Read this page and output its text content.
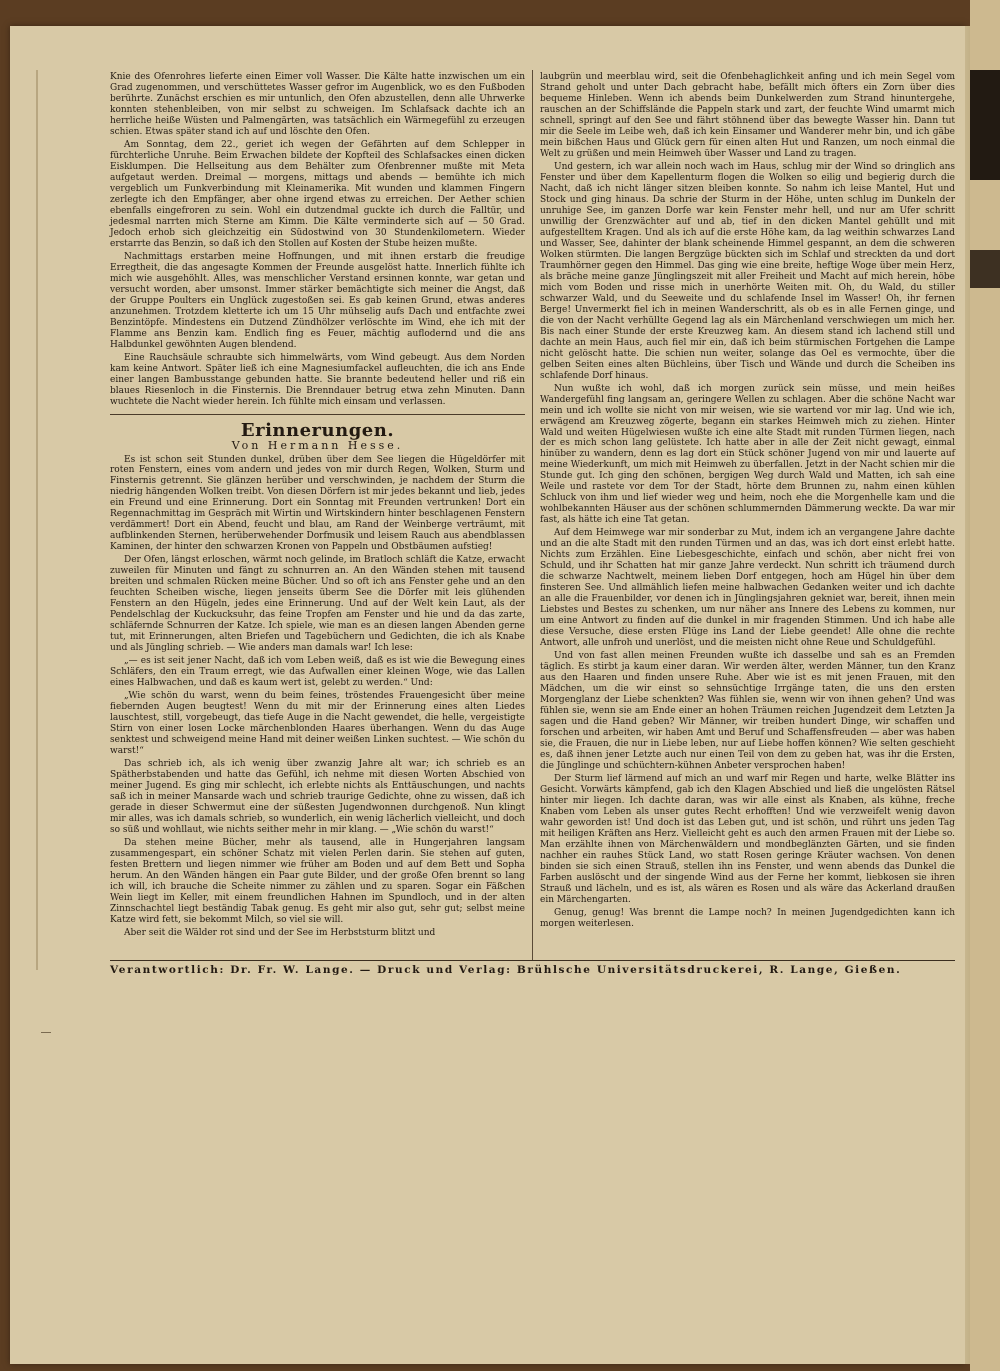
Knie des Ofenrohres lieferte einen Eimer voll Wasser. Die Kälte hatte inzwischen um ein Grad zugenommen, und verschüttetes Wasser gefror im Augenblick, wo es den Fußboden berührte. Zunächst erschien es mir untunlich, den Ofen abzustellen, denn alle Uhrwerke konnten stehenbleiben, von mir selbst zu schweigen. Im Schlafsack dachte ich an herrliche heiße Wüsten und Palmengärten, was tatsächlich ein Wärmegefühl zu erzeugen schien. Etwas später stand ich auf und löschte den Ofen.

Am Sonntag, dem 22., geriet ich wegen der Gefährten auf dem Schlepper in fürchterliche Unruhe. Beim Erwachen bildete der Kopfteil des Schlafsackes einen dicken Eisklumpen. Die Hellseitung aus dem Behälter zum Ofenbrenner mußte mit Meta aufgetaut werden. Dreimal — morgens, mittags und abends — bemühte ich mich vergeblich um Funkverbindung mit Kleinamerika. Mit wunden und klammen Fingern zerlegte ich den Empfänger, aber ohne irgend etwas zu erreichen. Der Aether schien ebenfalls eingefroren zu sein. Wohl ein dutzendmal guckte ich durch die Falltür, und jedesmal narrten mich Sterne am Kimm. Die Kälte verminderte sich auf — 50 Grad. Jedoch erhob sich gleichzeitig ein Südostwind von 30 Stundenkilometern. Wieder erstarrte das Benzin, so daß ich den Stollen auf Kosten der Stube heizen mußte.

Nachmittags erstarben meine Hoffnungen, und mit ihnen erstarb die freudige Erregtheit, die das angesagte Kommen der Freunde ausgelöst hatte. Innerlich fühlte ich mich wie ausgehöhlt. Alles, was menschlicher Verstand ersinnen konnte, war getan und versucht worden, aber umsonst. Immer stärker bemächtigte sich meiner die Angst, daß der Gruppe Poulters ein Unglück zugestoßen sei. Es gab keinen Grund, etwas anderes anzunehmen. Trotzdem kletterte ich um 15 Uhr mühselig aufs Dach und entfachte zwei Benzintöpfe. Mindestens ein Dutzend Zündhölzer verlöschte im Wind, ehe ich mit der Flamme ans Benzin kam. Endlich fing es Feuer, mächtig auflodernd und die ans Halbdunkel gewöhnten Augen blendend.

Eine Rauchsäule schraubte sich himmelwärts, vom Wind gebeugt. Aus dem Norden kam keine Antwort. Später ließ ich eine Magnesiumfackel aufleuchten, die ich ans Ende einer langen Bambusstange gebunden hatte. Sie brannte bedeutend heller und riß ein blaues Riesenloch in die Finsternis. Die Brenndauer betrug etwa zehn Minuten. Dann wuchtete die Nacht wieder herein. Ich fühlte mich einsam und verlassen.

Erinnerungen.
Von Hermann Hesse.

Es ist schon seit Stunden dunkel, drüben über dem See liegen die Hügeldörfer mit roten Fenstern, eines vom andern und jedes von mir durch Regen, Wolken, Sturm und Finsternis getrennt. Sie glänzen herüber und verschwinden, je nachdem der Sturm die niedrig hängenden Wolken treibt. Von diesen Dörfern ist mir jedes bekannt und lieb, jedes ein Freund und eine Erinnerung. Dort ein Sonntag mit Freunden vertrunken! Dort ein Regennachmittag im Gespräch mit Wirtin und Wirtskindern hinter beschlagenen Fenstern verdämmert! Dort ein Abend, feucht und blau, am Rand der Weinberge verträumt, mit aufblinkenden Sternen, herüberwehender Dorfmusik und leisem Rauch aus abendblassen Kaminen, der hinter den schwarzen Kronen von Pappeln und Obstbäumen aufstieg!

Der Ofen, längst erloschen, wärmt noch gelinde, im Bratloch schläft die Katze, erwacht zuweilen für Minuten und fängt zu schnurren an. An den Wänden stehen mit tausend breiten und schmalen Rücken meine Bücher. Und so oft ich ans Fenster gehe und an den feuchten Scheiben wische, liegen jenseits überm See die Dörfer mit leis glühenden Fenstern an den Hügeln, jedes eine Erinnerung. Und auf der Welt kein Laut, als der Pendelschlag der Kuckucksuhr, das feine Tropfen am Fenster und hie und da das zarte, schläfernde Schnurren der Katze. Ich spiele, wie man es an diesen langen Abenden gerne tut, mit Erinnerungen, alten Briefen und Tagebüchern und Gedichten, die ich als Knabe und als Jüngling schrieb. — Wie anders man damals war! Ich lese:

„— es ist seit jener Nacht, daß ich vom Leben weiß, daß es ist wie die Bewegung eines Schläfers, den ein Traum erregt, wie das Aufwallen einer kleinen Woge, wie das Lallen eines Halbwachen, und daß es kaum wert ist, gelebt zu werden.“ Und:

„Wie schön du warst, wenn du beim feines, tröstendes Frauengesicht über meine fiebernden Augen beugtest! Wenn du mit mir der Erinnerung eines alten Liedes lauschtest, still, vorgebeugt, das tiefe Auge in die Nacht gewendet, die helle, vergeistigte Stirn von einer losen Locke märchenblonden Haares überhangen. Wenn du das Auge senktest und schweigend meine Hand mit deiner weißen Linken suchtest. — Wie schön du warst!“

Das schrieb ich, als ich wenig über zwanzig Jahre alt war; ich schrieb es an Spätherbstabenden und hatte das Gefühl, ich nehme mit diesen Worten Abschied von meiner Jugend. Es ging mir schlecht, ich erlebte nichts als Enttäuschungen, und nachts saß ich in meiner Mansarde wach und schrieb traurige Gedichte, ohne zu wissen, daß ich gerade in dieser Schwermut eine der süßesten Jugendwonnen durchgenoß. Nun klingt mir alles, was ich damals schrieb, so wunderlich, ein wenig lächerlich vielleicht, und doch so süß und wohllaut, wie nichts seither mehr in mir klang. — „Wie schön du warst!“

Da stehen meine Bücher, mehr als tausend, alle in Hungerjahren langsam zusammengespart, ein schöner Schatz mit vielen Perlen darin. Sie stehen auf guten, festen Brettern und liegen nimmer wie früher am Boden und auf dem Bett und Sopha herum. An den Wänden hängen ein Paar gute Bilder, und der große Ofen brennt so lang ich will, ich brauche die Scheite nimmer zu zählen und zu sparen. Sogar ein Fäßchen Wein liegt im Keller, mit einem freundlichen Hahnen im Spundloch, und in der alten Zinnschachtel liegt beständig Tabak genug. Es geht mir also gut, sehr gut; selbst meine Katze wird fett, sie bekommt Milch, so viel sie will.

Aber seit die Wälder rot sind und der See im Herbststurm blitzt und

laubgrün und meerblau wird, seit die Ofenbehaglichkeit anfing und ich mein Segel vom Strand geholt und unter Dach gebracht habe, befällt mich öfters ein Zorn über dies bequeme Hinleben. Wenn ich abends beim Dunkelwerden zum Strand hinuntergehe, rauschen an der Schiffsländе die Pappeln stark und zart, der feuchte Wind umarmt mich schnell, springt auf den See und fährt stöhnend über das bewegte Wasser hin. Dann tut mir die Seele im Leibe weh, daß ich kein Einsamer und Wanderer mehr bin, und ich gäbe mein bißchen Haus und Glück gern für einen alten Hut und Ranzen, um noch einmal die Welt zu grüßen und mein Heimweh über Wasser und Land zu tragen.

Und gestern, ich war allein noch wach im Haus, schlug mir der Wind so dringlich ans Fenster und über dem Kapellenturm flogen die Wolken so eilig und begierig durch die Nacht, daß ich nicht länger sitzen bleiben konnte. So nahm ich leise Mantel, Hut und Stock und ging hinaus. Da schrie der Sturm in der Höhe, unten schlug im Dunkeln der unruhige See, im ganzen Dorfe war kein Fenster mehr hell, und nur am Ufer schritt unwillig der Grenzwächter auf und ab, tief in den dicken Mantel gehüllt und mit aufgestelltem Kragen. Und als ich auf die erste Höhe kam, da lag weithin schwarzes Land und Wasser, See, dahinter der blank scheinende Himmel gespannt, an dem die schweren Wolken stürmten. Die langen Bergzüge bückten sich im Schlaf und streckten da und dort Traumhörner gegen den Himmel. Das ging wie eine breite, heftige Woge über mein Herz, als bräche meine ganze Jünglingszeit mit aller Freiheit und Macht auf mich herein, höbe mich vom Boden und risse mich in unerhörte Weiten mit. Oh, du Wald, du stiller schwarzer Wald, und du Seeweite und du schlafende Insel im Wasser! Oh, ihr fernen Berge! Unvermerkt fiel ich in meinen Wanderschritt, als ob es in alle Fernen ginge, und die von der Nacht verhüllte Gegend lag als ein Märchenland verschwiegen um mich her. Bis nach einer Stunde der erste Kreuzweg kam. An diesem stand ich lachend still und dachte an mein Haus, auch fiel mir ein, daß ich beim stürmischen Fortgehen die Lampe nicht gelöscht hatte. Die schien nun weiter, solange das Oel es vermochte, über die gelben Seiten eines alten Büchleins, über Tisch und Wände und durch die Scheiben ins schlafende Dorf hinaus.

Nun wußte ich wohl, daß ich morgen zurück sein müsse, und mein heißes Wandergefühl fing langsam an, geringere Wellen zu schlagen. Aber die schöne Nacht war mein und ich wollte sie nicht von mir weisen, wie sie wartend vor mir lag. Und wie ich, erwägend am Kreuzweg zögerte, begann ein starkes Heimweh mich zu ziehen. Hinter Wald und weiten Hügelwiesen wußte ich eine alte Stadt mit runden Türmen liegen, nach der es mich schon lang gelüstete. Ich hatte aber in alle der Zeit nicht gewagt, einmal hinüber zu wandern, denn es lag dort ein Stück schöner Jugend von mir und lauerte auf meine Wiederkunft, um mich mit Heimweh zu überfallen. Jetzt in der Nacht schien mir die Stunde gut. Ich ging den schönen, bergigen Weg durch Wald und Matten, ich sah eine Weile und rastete vor dem Tor der Stadt, hörte dem Brunnen zu, nahm einen kühlen Schluck von ihm und lief wieder weg und heim, noch ehe die Morgenhelle kam und die wohlbekannten Häuser aus der schönen schlummernden Dämmerung weckte. Da war mir fast, als hätte ich eine Tat getan.

Auf dem Heimwege war mir sonderbar zu Mut, indem ich an vergangene Jahre dachte und an die alte Stadt mit den runden Türmen und an das, was ich dort einst erlebt hatte. Nichts zum Erzählen. Eine Liebesgeschichte, einfach und schön, aber nicht frei von Schuld, und ihr Schatten hat mir ganze Jahre verdeckt. Nun schritt ich träumend durch die schwarze Nachtwelt, meinem lieben Dorf entgegen, hoch am Hügel hin über dem finsteren See. Und allmählich liefen meine halbwachen Gedanken weiter und ich dachte an alle die Frauenbilder, vor denen ich in Jünglingsjahren gekniet war, bereit, ihnen mein Liebstes und Bestes zu schenken, um nur näher ans Innere des Lebens zu kommen, nur um eine Antwort zu finden auf die dunkel in mir fragenden Stimmen. Und ich habe alle diese Versuche, diese ersten Flüge ins Land der Liebe geendet! Alle ohne die rechte Antwort, alle unfroh und unerlöst, und die meisten nicht ohne Reue und Schuldgefühl.

Und von fast allen meinen Freunden wußte ich dasselbe und sah es an Fremden täglich. Es stirbt ja kaum einer daran. Wir werden älter, werden Männer, tun den Kranz aus den Haaren und finden unsere Ruhe. Aber wie ist es mit jenen Frauen, mit den Mädchen, um die wir einst so sehnsüchtige Irrgänge taten, die uns den ersten Morgenglanz der Liebe schenkten? Was fühlen sie, wenn wir von ihnen gehen? Und was fühlen sie, wenn sie am Ende einer an hohen Träumen reichen Jugendzeit dem Letzten Ja sagen und die Hand geben? Wir Männer, wir treiben hundert Dinge, wir schaffen und forschen und arbeiten, wir haben Amt und Beruf und Schaffensfreuden — aber was haben sie, die Frauen, die nur in Liebe leben, nur auf Liebe hoffen können? Wie selten geschieht es, daß ihnen jener Letzte auch nur einen Teil von dem zu geben hat, was ihr die Ersten, die Jünglinge und schüchtern-kühnen Anbeter versprochen haben!

Der Sturm lief lärmend auf mich an und warf mir Regen und harte, welke Blätter ins Gesicht. Vorwärts kämpfend, gab ich den Klagen Abschied und ließ die ungelösten Rätsel hinter mir liegen. Ich dachte daran, was wir alle einst als Knaben, als kühne, freche Knaben vom Leben als unser gutes Recht erhofften! Und wie verzweifelt wenig davon wahr geworden ist! Und doch ist das Leben gut, und ist schön, und rührt uns jeden Tag mit heiligen Kräften ans Herz. Vielleicht geht es auch den armen Frauen mit der Liebe so. Man erzählte ihnen von Märchenwäldern und mondbeglänzten Gärten, und sie finden nachher ein rauhes Stück Land, wo statt Rosen geringe Kräuter wachsen. Von denen binden sie sich einen Strauß, stellen ihn ins Fenster, und wenn abends das Dunkel die Farben auslöscht und der singende Wind aus der Ferne her kommt, liebkosen sie ihren Strauß und lächeln, und es ist, als wären es Rosen und als wäre das Ackerland draußen ein Märchengarten.

Genug, genug! Was brennt die Lampe noch? In meinen Jugendgedichten kann ich morgen weiterlesen.

Verantwortlich: Dr. Fr. W. Lange. — Druck und Verlag: Brühlsche Universitätsdruckerei, R. Lange, Gießen.
